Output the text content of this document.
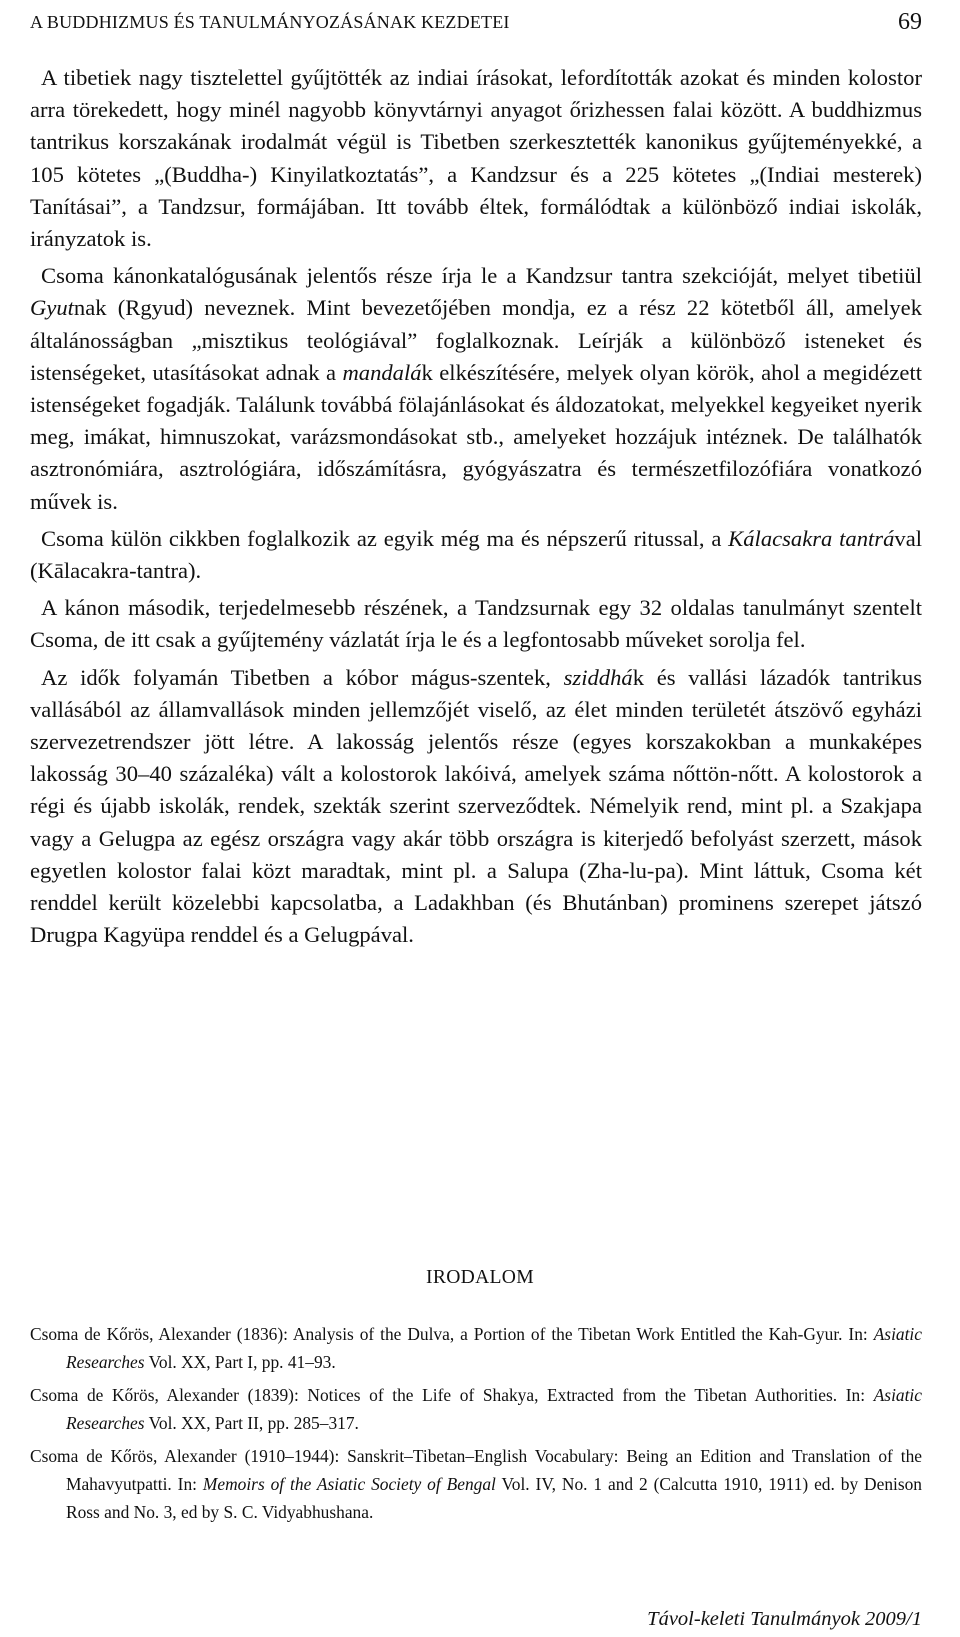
A BUDDHIZMUS ÉS TANULMÁNYOZÁSÁNAK KEZDETEI	69

A tibetiek nagy tisztelettel gyűjtötték az indiai írásokat, lefordították azokat és minden kolostor arra törekedett, hogy minél nagyobb könyvtárnyi anyagot őrizhessen falai között. A buddhizmus tantrikus korszakának irodalmát végül is Tibetben szerkesztették kanonikus gyűjteményekké, a 105 kötetes „(Buddha-) Kinyilatkoztatás”, a Kandzsur és a 225 kötetes „(Indiai mesterek) Tanításai”, a Tandzsur, formájában. Itt tovább éltek, formálódtak a különböző indiai iskolák, irányzatok is.

Csoma kánonkatalógusának jelentős része írja le a Kandzsur tantra szekcióját, melyet tibetiül Gyutnak (Rgyud) neveznek. Mint bevezetőjében mondja, ez a rész 22 kötetből áll, amelyek általánosságban „misztikus teológiával” foglalkoznak. Leírják a különböző isteneket és istenségeket, utasításokat adnak a mandalák elkészítésére, melyek olyan körök, ahol a megidézett istenségeket fogadják. Találunk továbbá fölajánlásokat és áldozatokat, melyekkel kegyeiket nyerik meg, imákat, himnuszokat, varázsmondásokat stb., amelyeket hozzájuk intéznek. De találhatók asztronómiára, asztrológiára, időszámításra, gyógyászatra és természetfilozófiára vonatkozó művek is.

Csoma külön cikkben foglalkozik az egyik még ma és népszerű ritussal, a Kálacsakra tantrával (Kālacakra-tantra).

A kánon második, terjedelmesebb részének, a Tandzsurnak egy 32 oldalas tanulmányt szentelt Csoma, de itt csak a gyűjtemény vázlatát írja le és a legfontosabb műveket sorolja fel.

Az idők folyamán Tibetben a kóbor mágus-szentek, sziddhák és vallási lázadók tantrikus vallásából az államvallások minden jellemzőjét viselő, az élet minden területét átszövő egyházi szervezetrendszer jött létre. A lakosság jelentős része (egyes korszakokban a munkaképes lakosság 30–40 százaléka) vált a kolostorok lakóivá, amelyek száma nőttön-nőtt. A kolostorok a régi és újabb iskolák, rendek, szekták szerint szerveződtek. Némelyik rend, mint pl. a Szakjapa vagy a Gelugpa az egész országra vagy akár több országra is kiterjedő befolyást szerzett, mások egyetlen kolostor falai közt maradtak, mint pl. a Salupa (Zha-lu-pa). Mint láttuk, Csoma két renddel került közelebbi kapcsolatba, a Ladakhban (és Bhutánban) prominens szerepet játszó Drugpa Kagyüpa renddel és a Gelugpával.

IRODALOM
Csoma de Kőrös, Alexander (1836): Analysis of the Dulva, a Portion of the Tibetan Work Entitled the Kah-Gyur. In: Asiatic Researches Vol. XX, Part I, pp. 41–93.
Csoma de Kőrös, Alexander (1839): Notices of the Life of Shakya, Extracted from the Tibetan Authorities. In: Asiatic Researches Vol. XX, Part II, pp. 285–317.
Csoma de Kőrös, Alexander (1910–1944): Sanskrit–Tibetan–English Vocabulary: Being an Edition and Translation of the Mahavyutpatti. In: Memoirs of the Asiatic Society of Bengal Vol. IV, No. 1 and 2 (Calcutta 1910, 1911) ed. by Denison Ross and No. 3, ed by S. C. Vidyabhushana.
Távol-keleti Tanulmányok 2009/1
